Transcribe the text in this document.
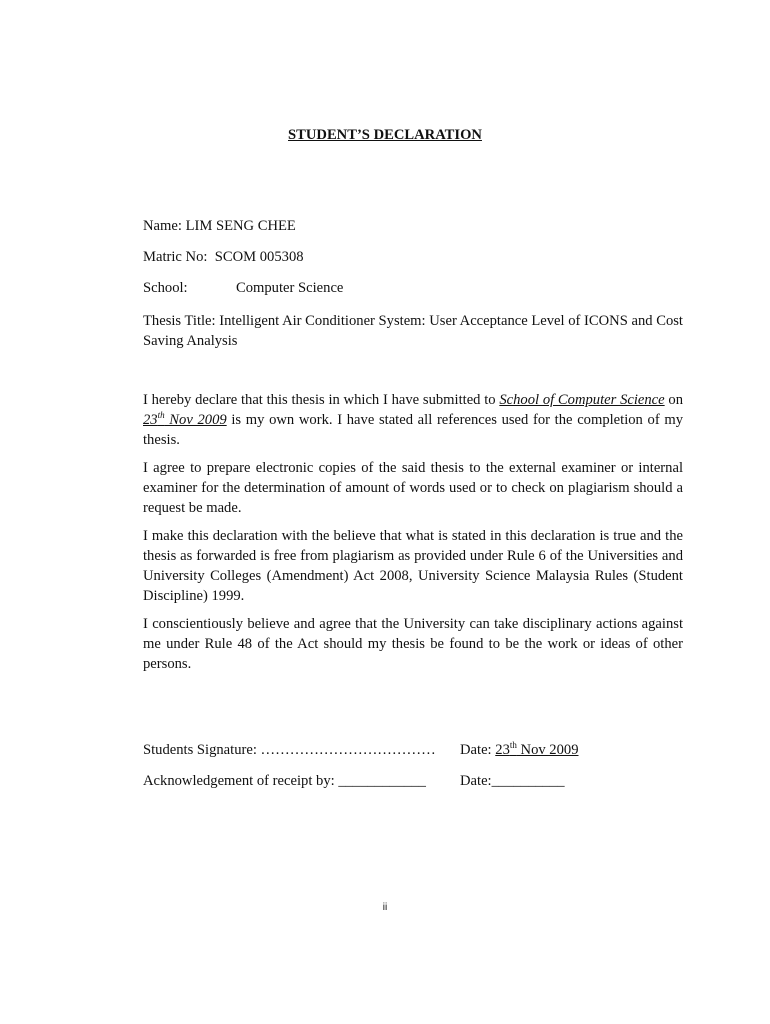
STUDENT’S DECLARATION
Name: LIM SENG CHEE
Matric No: SCOM 005308
School:	Computer Science
Thesis Title: Intelligent Air Conditioner System: User Acceptance Level of ICONS and Cost Saving Analysis
I hereby declare that this thesis in which I have submitted to School of Computer Science on 23th Nov 2009 is my own work. I have stated all references used for the completion of my thesis.
I agree to prepare electronic copies of the said thesis to the external examiner or internal examiner for the determination of amount of words used or to check on plagiarism should a request be made.
I make this declaration with the believe that what is stated in this declaration is true and the thesis as forwarded is free from plagiarism as provided under Rule 6 of the Universities and University Colleges (Amendment) Act 2008, University Science Malaysia Rules (Student Discipline) 1999.
I conscientiously believe and agree that the University can take disciplinary actions against me under Rule 48 of the Act should my thesis be found to be the work or ideas of other persons.
Students Signature: ……………………………… Date: 23th Nov 2009
Acknowledgement of receipt by: ____________ Date:__________
ii
